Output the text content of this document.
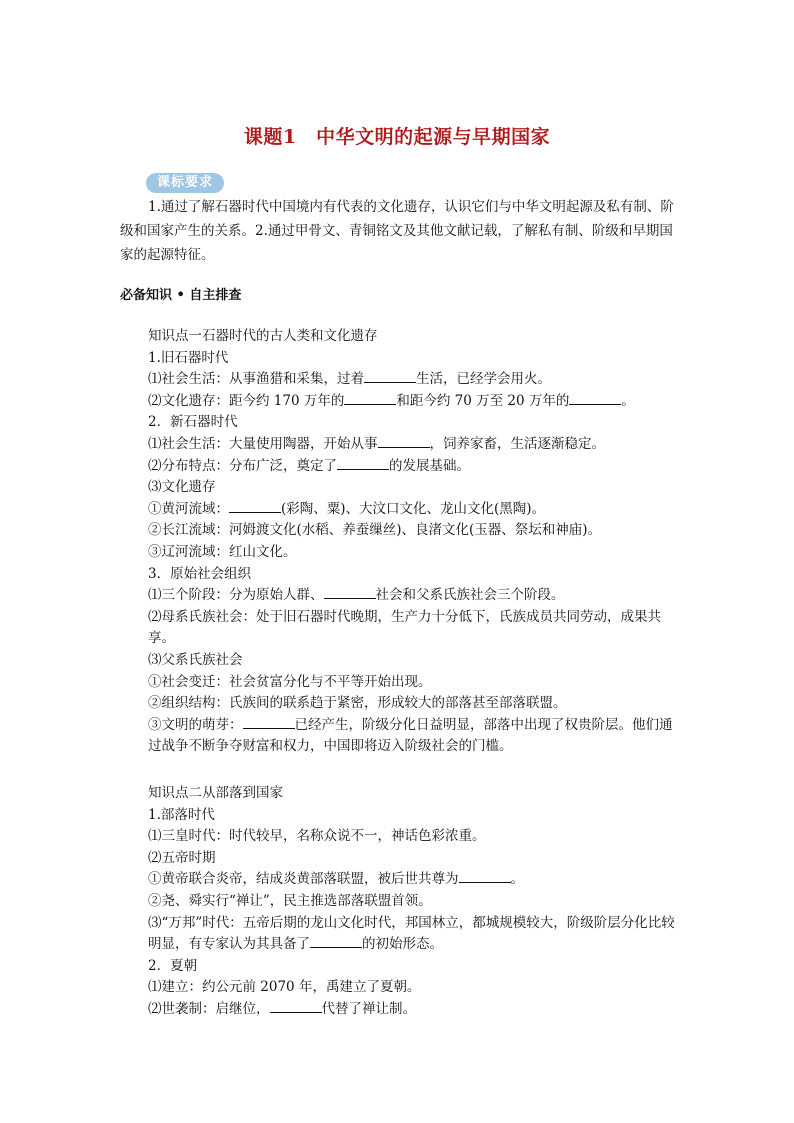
课题1　中华文明的起源与早期国家
课标要求

1.通过了解石器时代中国境内有代表的文化遗存，认识它们与中华文明起源及私有制、阶级和国家产生的关系。2.通过甲骨文、青铜铭文及其他文献记载，了解私有制、阶级和早期国家的起源特征。

必备知识 • 自主排查
知识点一石器时代的古人类和文化遗存
1.旧石器时代
⑴社会生活：从事渔猎和采集，过着	生活，已经学会用火。
⑵文化遗存：距今约 170 万年的	和距今约 70 万至 20 万年的	。
2．新石器时代
⑴社会生活：大量使用陶器，开始从事	，饲养家畜，生活逐渐稳定。
⑵分布特点：分布广泛，奠定了	的发展基础。
⑶文化遗存
①黄河流域：	(彩陶、粟)、大汶口文化、龙山文化(黑陶)。
②长江流域：河姆渡文化(水稻、养蚕缫丝)、良渚文化(玉器、祭坛和神庙)。
③辽河流域：红山文化。
3．原始社会组织
⑴三个阶段：分为原始人群、	社会和父系氏族社会三个阶段。
⑵母系氏族社会：处于旧石器时代晚期，生产力十分低下，氏族成员共同劳动，成果共享。
⑶父系氏族社会
①社会变迁：社会贫富分化与不平等开始出现。
②组织结构：氏族间的联系趋于紧密，形成较大的部落甚至部落联盟。
③文明的萌芽：	已经产生，阶级分化日益明显，部落中出现了权贵阶层。他们通过战争不断争夺财富和权力，中国即将迈入阶级社会的门槛。
知识点二从部落到国家
1.部落时代
⑴三皇时代：时代较早，名称众说不一，神话色彩浓重。
⑵五帝时期
①黄帝联合炎帝，结成炎黄部落联盟，被后世共尊为	。
②尧、舜实行“禅让”，民主推选部落联盟首领。
⑶“万邦”时代：五帝后期的龙山文化时代，邦国林立，都城规模较大，阶级阶层分化比较明显，有专家认为其具备了	的初始形态。
2．夏朝
⑴建立：约公元前 2070 年，禹建立了夏朝。
⑵世袭制：启继位，	代替了禅让制。
